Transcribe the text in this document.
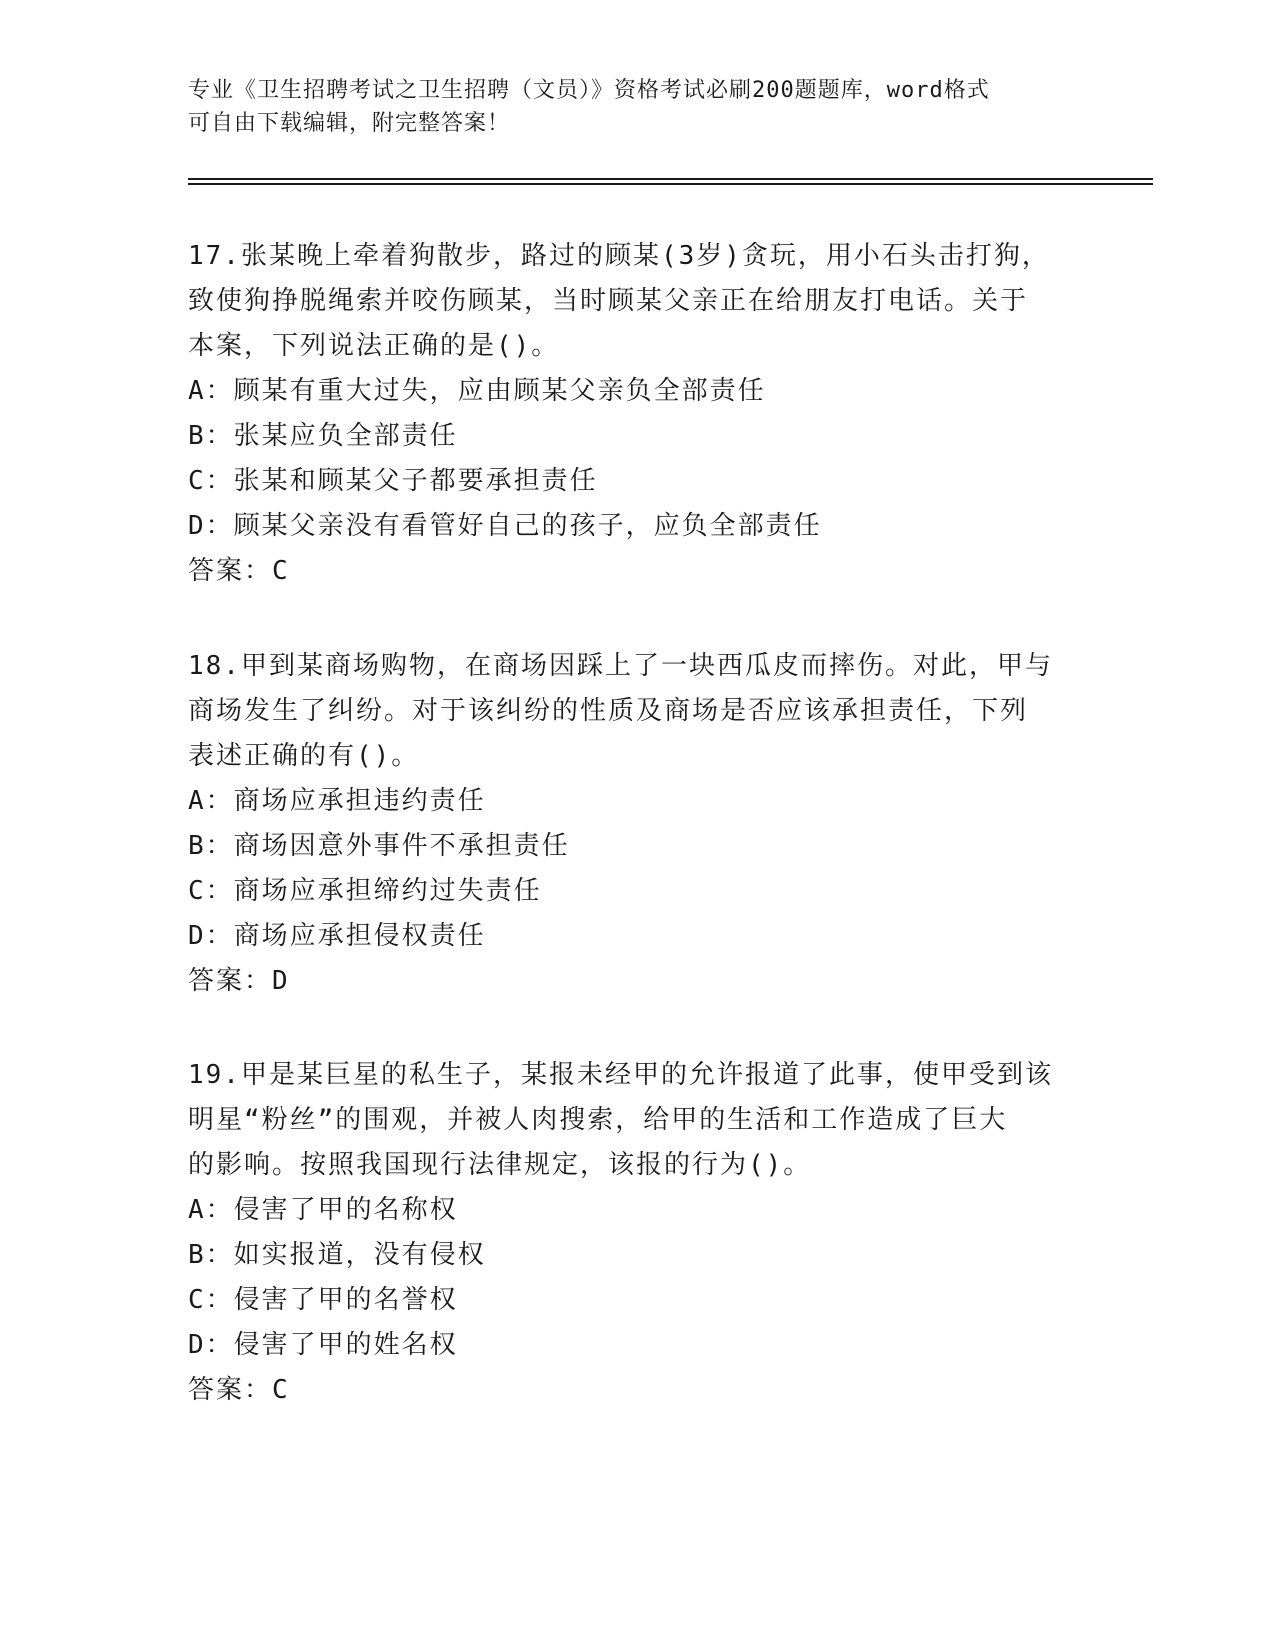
专业《卫生招聘考试之卫生招聘（文员）》资格考试必刷200题题库，word格式
可自由下载编辑，附完整答案！

17.张某晚上牵着狗散步，路过的顾某(3岁)贪玩，用小石头击打狗，

致使狗挣脱绳索并咬伤顾某，当时顾某父亲正在给朋友打电话。关于

本案，下列说法正确的是()。

A：顾某有重大过失，应由顾某父亲负全部责任

B：张某应负全部责任

C：张某和顾某父子都要承担责任

D：顾某父亲没有看管好自己的孩子，应负全部责任

答案：C

18.甲到某商场购物，在商场因踩上了一块西瓜皮而摔伤。对此，甲与

商场发生了纠纷。对于该纠纷的性质及商场是否应该承担责任，下列

表述正确的有()。

A：商场应承担违约责任

B：商场因意外事件不承担责任

C：商场应承担缔约过失责任

D：商场应承担侵权责任

答案：D

19.甲是某巨星的私生子，某报未经甲的允许报道了此事，使甲受到该

明星“粉丝”的围观，并被人肉搜索，给甲的生活和工作造成了巨大

的影响。按照我国现行法律规定，该报的行为()。

A：侵害了甲的名称权

B：如实报道，没有侵权

C：侵害了甲的名誉权

D：侵害了甲的姓名权

答案：C
